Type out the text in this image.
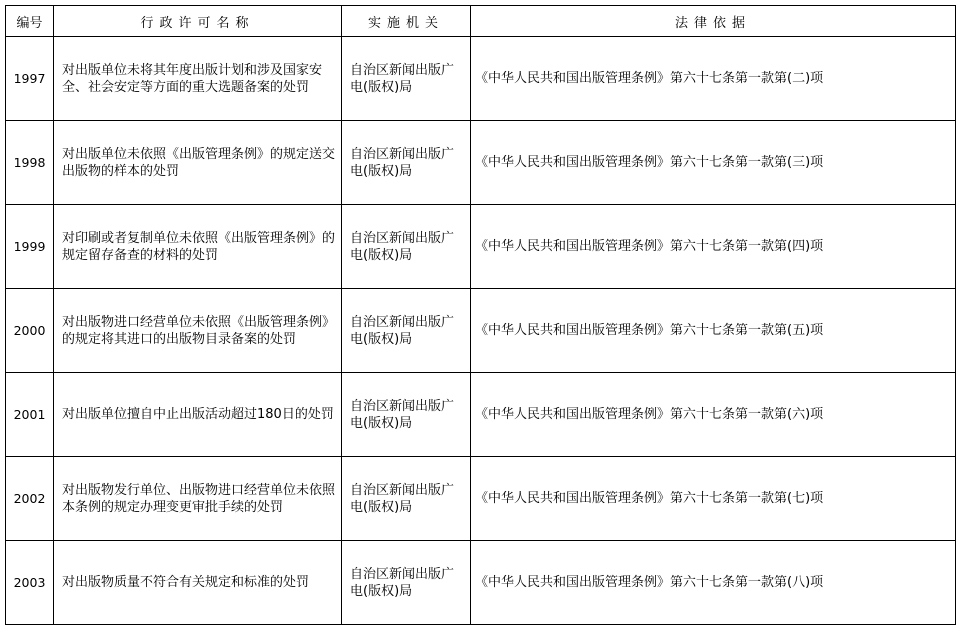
编号	行政许可名称	实施机关	法律依据
1997	对出版单位未将其年度出版计划和涉及国家安全、社会安定等方面的重大选题备案的处罚	自治区新闻出版广电(版权)局	《中华人民共和国出版管理条例》第六十七条第一款第(二)项
1998	对出版单位未依照《出版管理条例》的规定送交出版物的样本的处罚	自治区新闻出版广电(版权)局	《中华人民共和国出版管理条例》第六十七条第一款第(三)项
1999	对印刷或者复制单位未依照《出版管理条例》的规定留存备查的材料的处罚	自治区新闻出版广电(版权)局	《中华人民共和国出版管理条例》第六十七条第一款第(四)项
2000	对出版物进口经营单位未依照《出版管理条例》的规定将其进口的出版物目录备案的处罚	自治区新闻出版广电(版权)局	《中华人民共和国出版管理条例》第六十七条第一款第(五)项
2001	对出版单位擅自中止出版活动超过180日的处罚	自治区新闻出版广电(版权)局	《中华人民共和国出版管理条例》第六十七条第一款第(六)项
2002	对出版物发行单位、出版物进口经营单位未依照本条例的规定办理变更审批手续的处罚	自治区新闻出版广电(版权)局	《中华人民共和国出版管理条例》第六十七条第一款第(七)项
2003	对出版物质量不符合有关规定和标准的处罚	自治区新闻出版广电(版权)局	《中华人民共和国出版管理条例》第六十七条第一款第(八)项
